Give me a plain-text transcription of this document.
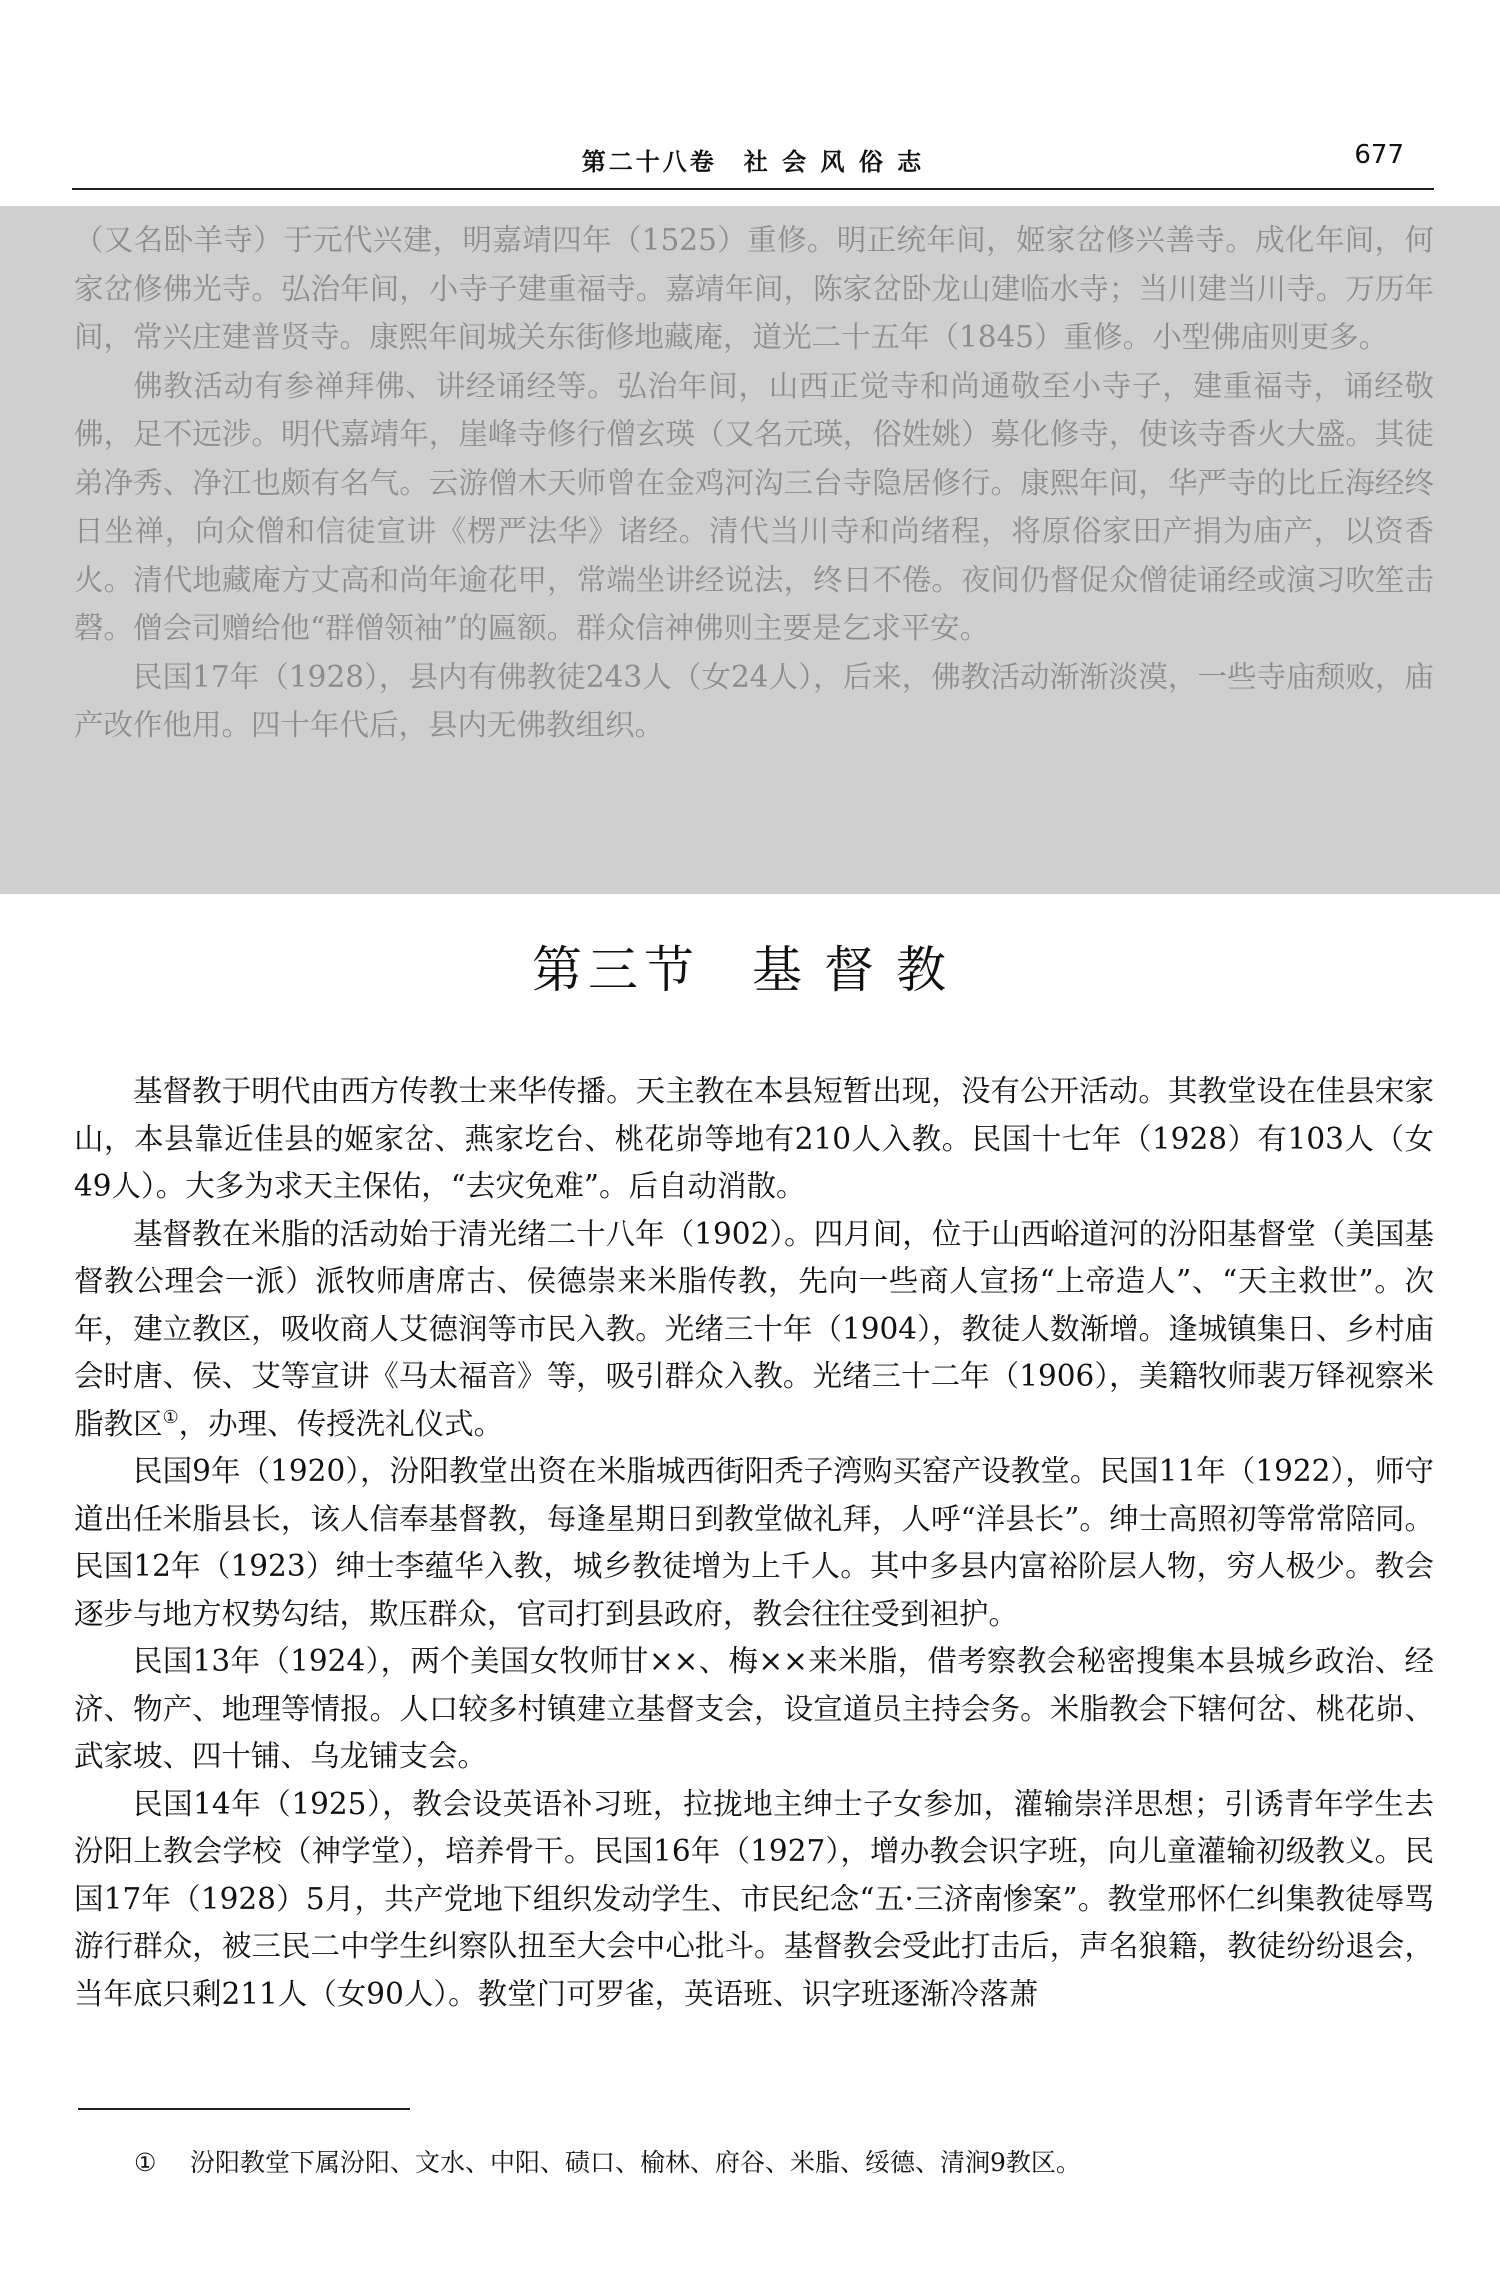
第二十八卷　社 会 风 俗 志	677

（又名卧羊寺）于元代兴建，明嘉靖四年（1525）重修。明正统年间，姬家岔修兴善寺。成化年间，何家岔修佛光寺。弘治年间，小寺子建重福寺。嘉靖年间，陈家岔卧龙山建临水寺；当川建当川寺。万历年间，常兴庄建普贤寺。康熙年间城关东街修地藏庵，道光二十五年（1845）重修。小型佛庙则更多。

佛教活动有参禅拜佛、讲经诵经等。弘治年间，山西正觉寺和尚通敬至小寺子，建重福寺，诵经敬佛，足不远涉。明代嘉靖年，崖峰寺修行僧玄瑛（又名元瑛，俗姓姚）募化修寺，使该寺香火大盛。其徒弟净秀、净江也颇有名气。云游僧木天师曾在金鸡河沟三台寺隐居修行。康熙年间，华严寺的比丘海经终日坐禅，向众僧和信徒宣讲《楞严法华》诸经。清代当川寺和尚绪程，将原俗家田产捐为庙产，以资香火。清代地藏庵方丈高和尚年逾花甲，常端坐讲经说法，终日不倦。夜间仍督促众僧徒诵经或演习吹笙击磬。僧会司赠给他“群僧领袖”的匾额。群众信神佛则主要是乞求平安。

民国17年（1928），县内有佛教徒243人（女24人），后来，佛教活动渐渐淡漠，一些寺庙颓败，庙产改作他用。四十年代后，县内无佛教组织。

第三节 基督教

基督教于明代由西方传教士来华传播。天主教在本县短暂出现，没有公开活动。其教堂设在佳县宋家山，本县靠近佳县的姬家岔、燕家圪台、桃花峁等地有210人入教。民国十七年（1928）有103人（女49人）。大多为求天主保佑，“去灾免难”。后自动消散。

基督教在米脂的活动始于清光绪二十八年（1902）。四月间，位于山西峪道河的汾阳基督堂（美国基督教公理会一派）派牧师唐席古、侯德崇来米脂传教，先向一些商人宣扬“上帝造人”、“天主救世”。次年，建立教区，吸收商人艾德润等市民入教。光绪三十年（1904），教徒人数渐增。逢城镇集日、乡村庙会时唐、侯、艾等宣讲《马太福音》等，吸引群众入教。光绪三十二年（1906），美籍牧师裴万铎视察米脂教区①，办理、传授洗礼仪式。

民国9年（1920），汾阳教堂出资在米脂城西街阳秃子湾购买窑产设教堂。民国11年（1922），师守道出任米脂县长，该人信奉基督教，每逢星期日到教堂做礼拜，人呼“洋县长”。绅士高照初等常常陪同。民国12年（1923）绅士李蕴华入教，城乡教徒增为上千人。其中多县内富裕阶层人物，穷人极少。教会逐步与地方权势勾结，欺压群众，官司打到县政府，教会往往受到袒护。

民国13年（1924），两个美国女牧师甘××、梅××来米脂，借考察教会秘密搜集本县城乡政治、经济、物产、地理等情报。人口较多村镇建立基督支会，设宣道员主持会务。米脂教会下辖何岔、桃花峁、武家坡、四十铺、乌龙铺支会。

民国14年（1925），教会设英语补习班，拉拢地主绅士子女参加，灌输崇洋思想；引诱青年学生去汾阳上教会学校（神学堂），培养骨干。民国16年（1927），增办教会识字班，向儿童灌输初级教义。民国17年（1928）5月，共产党地下组织发动学生、市民纪念“五·三济南惨案”。教堂邢怀仁纠集教徒辱骂游行群众，被三民二中学生纠察队扭至大会中心批斗。基督教会受此打击后，声名狼籍，教徒纷纷退会，当年底只剩211人（女90人）。教堂门可罗雀，英语班、识字班逐渐冷落萧

① 汾阳教堂下属汾阳、文水、中阳、碛口、榆林、府谷、米脂、绥德、清涧9教区。
